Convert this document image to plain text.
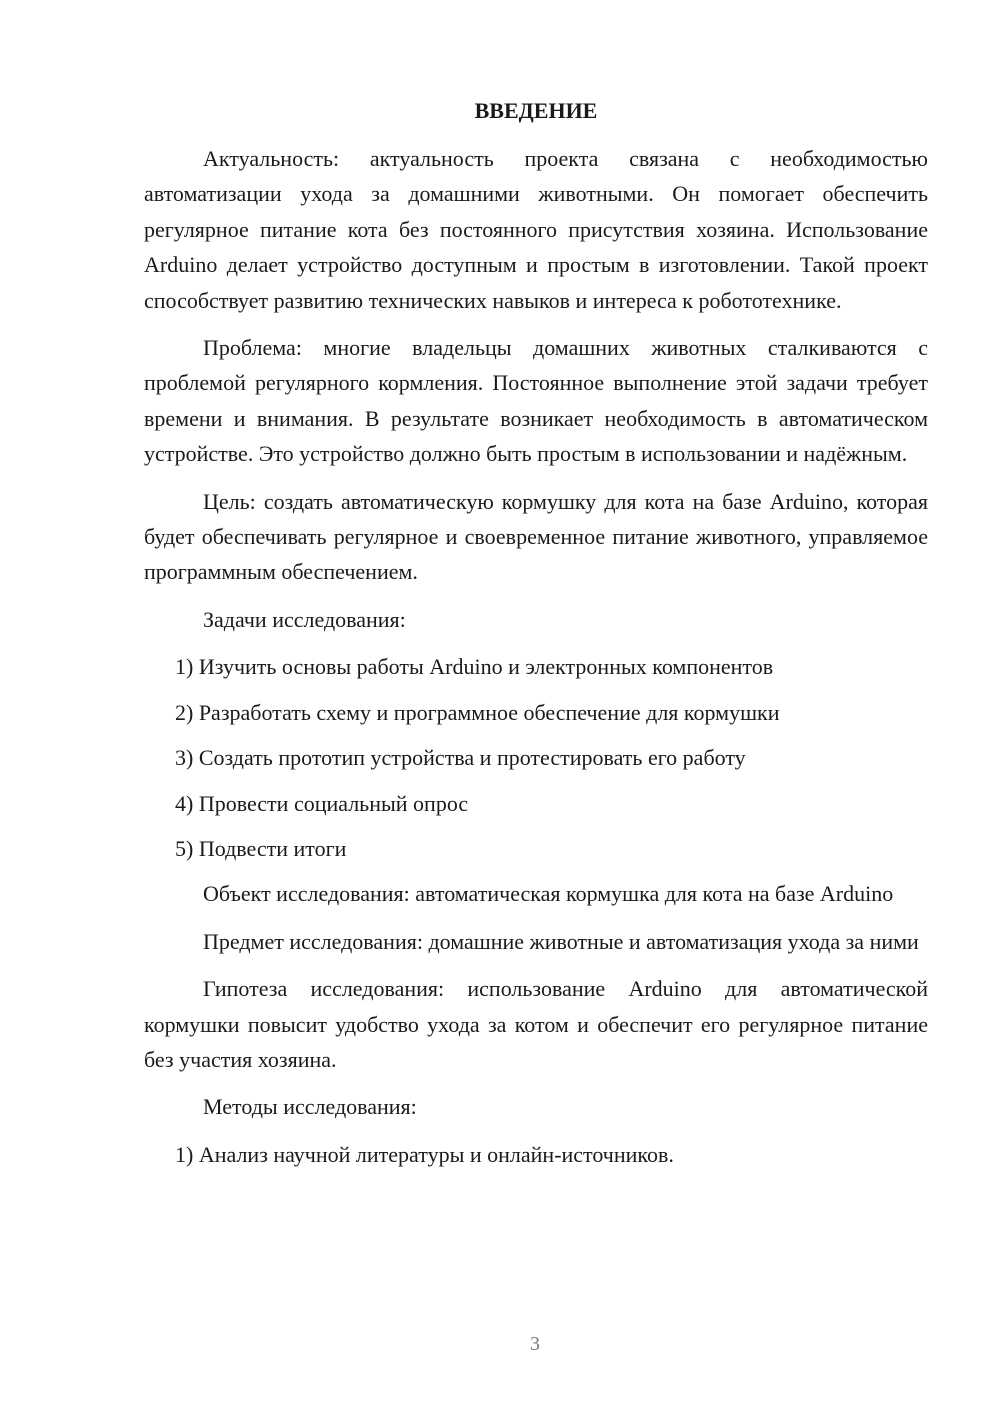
ВВЕДЕНИЕ

Актуальность: актуальность проекта связана с необходимостью автоматизации ухода за домашними животными. Он помогает обеспечить регулярное питание кота без постоянного присутствия хозяина. Использование Arduino делает устройство доступным и простым в изготовлении. Такой проект способствует развитию технических навыков и интереса к робототехнике.

Проблема: многие владельцы домашних животных сталкиваются с проблемой регулярного кормления. Постоянное выполнение этой задачи требует времени и внимания. В результате возникает необходимость в автоматическом устройстве. Это устройство должно быть простым в использовании и надёжным.

Цель: создать автоматическую кормушку для кота на базе Arduino, которая будет обеспечивать регулярное и своевременное питание животного, управляемое программным обеспечением.

Задачи исследования:

1) Изучить основы работы Arduino и электронных компонентов

2) Разработать схему и программное обеспечение для кормушки

3) Создать прототип устройства и протестировать его работу

4) Провести социальный опрос

5) Подвести итоги

Объект исследования: автоматическая кормушка для кота на базе Arduino

Предмет исследования: домашние животные и автоматизация ухода за ними

Гипотеза исследования: использование Arduino для автоматической кормушки повысит удобство ухода за котом и обеспечит его регулярное питание без участия хозяина.

Методы исследования:

1) Анализ научной литературы и онлайн-источников.

3
